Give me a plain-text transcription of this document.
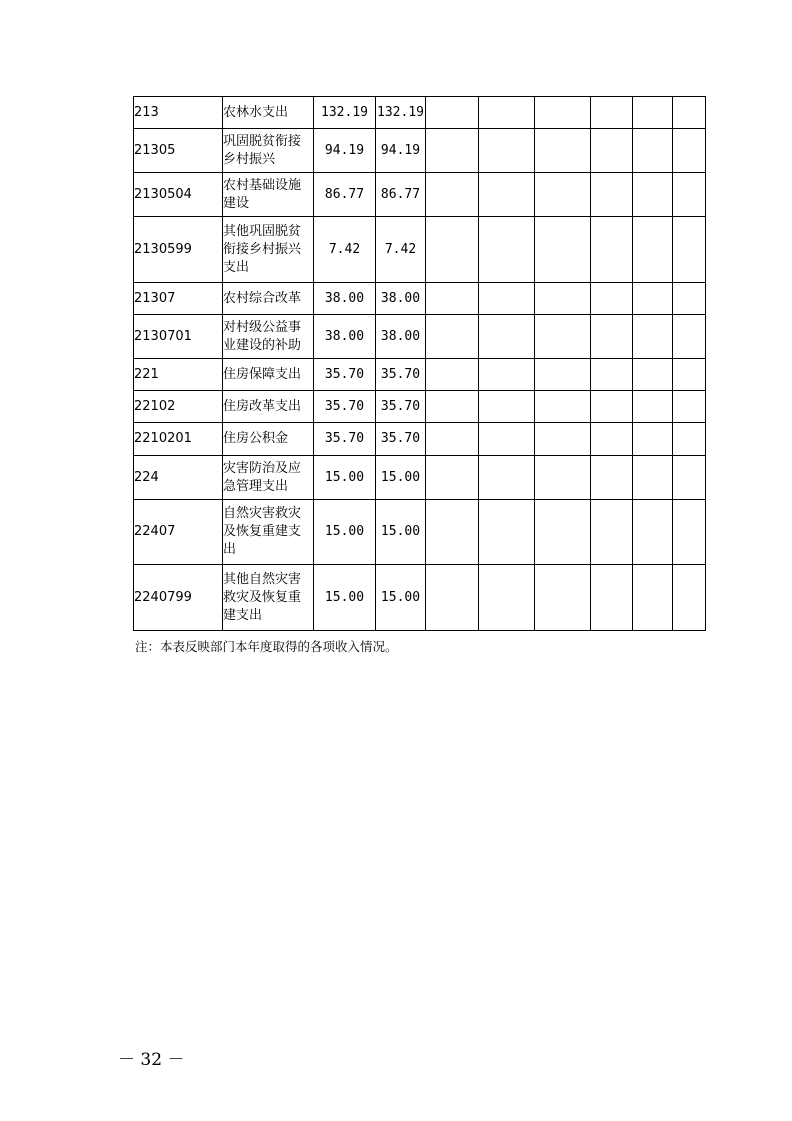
213	农林水支出	132.19	132.19						
21305	巩固脱贫衔接乡村振兴	94.19	94.19						
2130504	农村基础设施建设	86.77	86.77						
2130599	其他巩固脱贫衔接乡村振兴支出	7.42	7.42						
21307	农村综合改革	38.00	38.00						
2130701	对村级公益事业建设的补助	38.00	38.00						
221	住房保障支出	35.70	35.70						
22102	住房改革支出	35.70	35.70						
2210201	住房公积金	35.70	35.70						
224	灾害防治及应急管理支出	15.00	15.00						
22407	自然灾害救灾及恢复重建支出	15.00	15.00						
2240799	其他自然灾害救灾及恢复重建支出	15.00	15.00						
注：本表反映部门本年度取得的各项收入情况。
－ 32 －
